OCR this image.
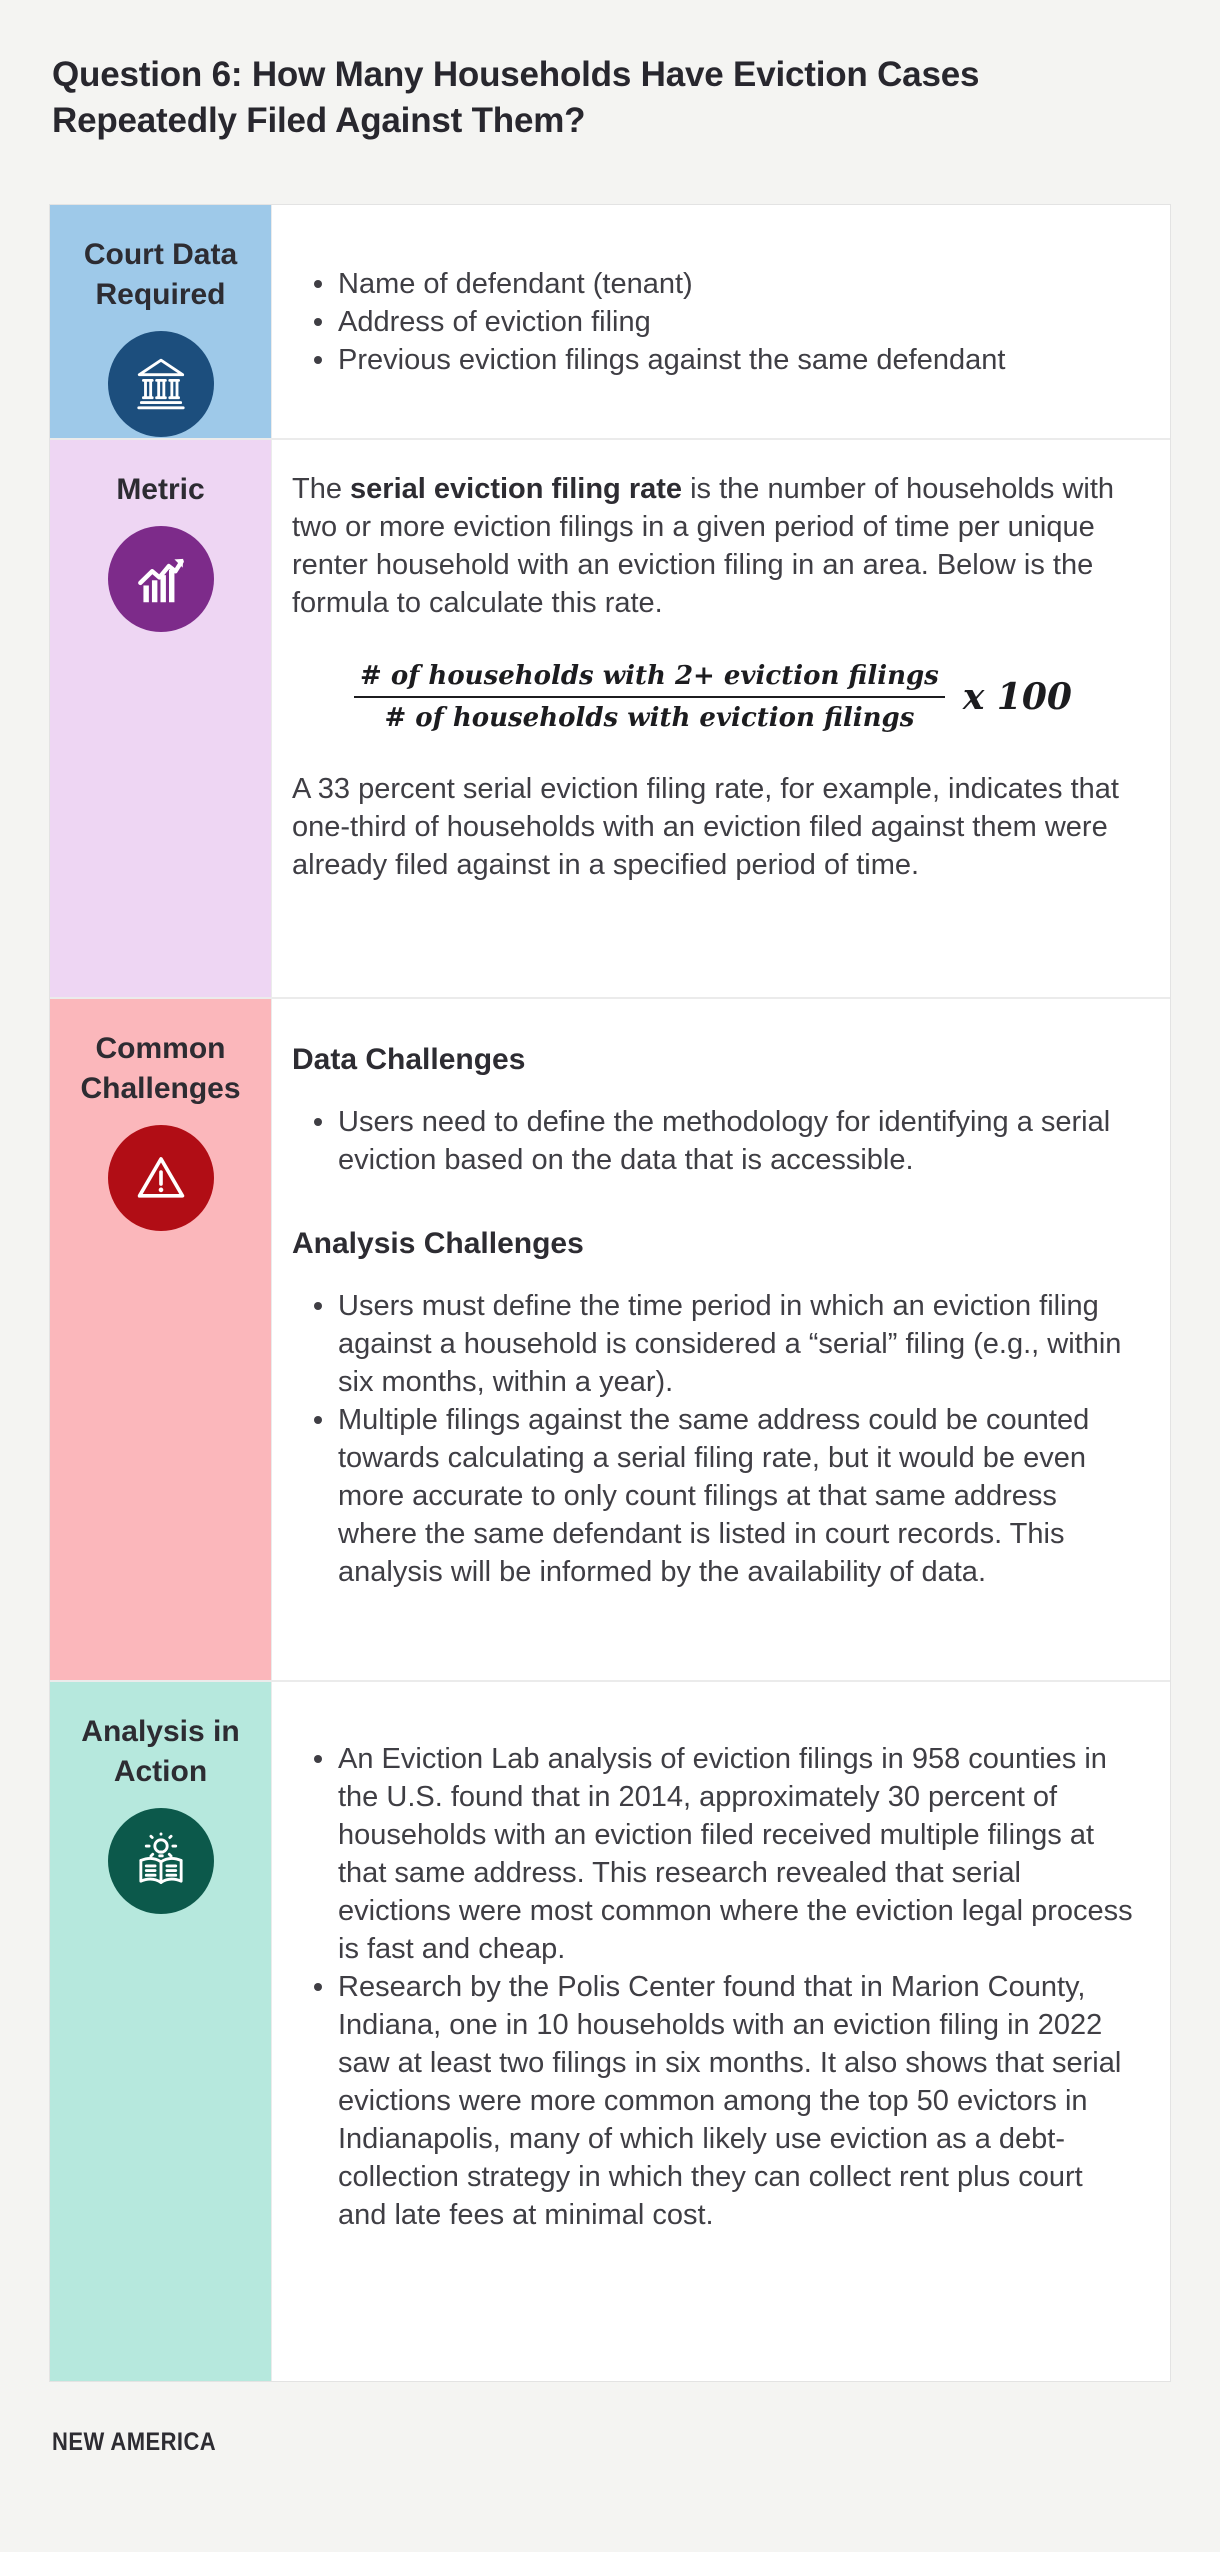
Question 6: How Many Households Have Eviction Cases Repeatedly Filed Against Them?
Court Data Required	Name of defendant (tenant)
Address of eviction filing
Previous eviction filings against the same defendant
Metric	The serial eviction filing rate is the number of households with two or more eviction filings in a given period of time per unique renter household with an eviction filing in an area. Below is the formula to calculate this rate.

$\frac{\text{\# of households with 2+ eviction filings}}{\text{\# of households with eviction filings}}$ x 100

A 33 percent serial eviction filing rate, for example, indicates that one-third of households with an eviction filed against them were already filed against in a specified period of time.

Common Challenges
Data Challenges
Users need to define the methodology for identifying a serial eviction based on the data that is accessible.
Analysis Challenges
Users must define the time period in which an eviction filing against a household is considered a “serial” filing (e.g., within six months, within a year).
Multiple filings against the same address could be counted towards calculating a serial filing rate, but it would be even more accurate to only count filings at that same address where the same defendant is listed in court records. This analysis will be informed by the availability of data.
Analysis in Action	An Eviction Lab analysis of eviction filings in 958 counties in the U.S. found that in 2014, approximately 30 percent of households with an eviction filed received multiple filings at that same address. This research revealed that serial evictions were most common where the eviction legal process is fast and cheap.
Research by the Polis Center found that in Marion County, Indiana, one in 10 households with an eviction filing in 2022 saw at least two filings in six months. It also shows that serial evictions were more common among the top 50 evictors in Indianapolis, many of which likely use eviction as a debt-collection strategy in which they can collect rent plus court and late fees at minimal cost.
NEW AMERICA
